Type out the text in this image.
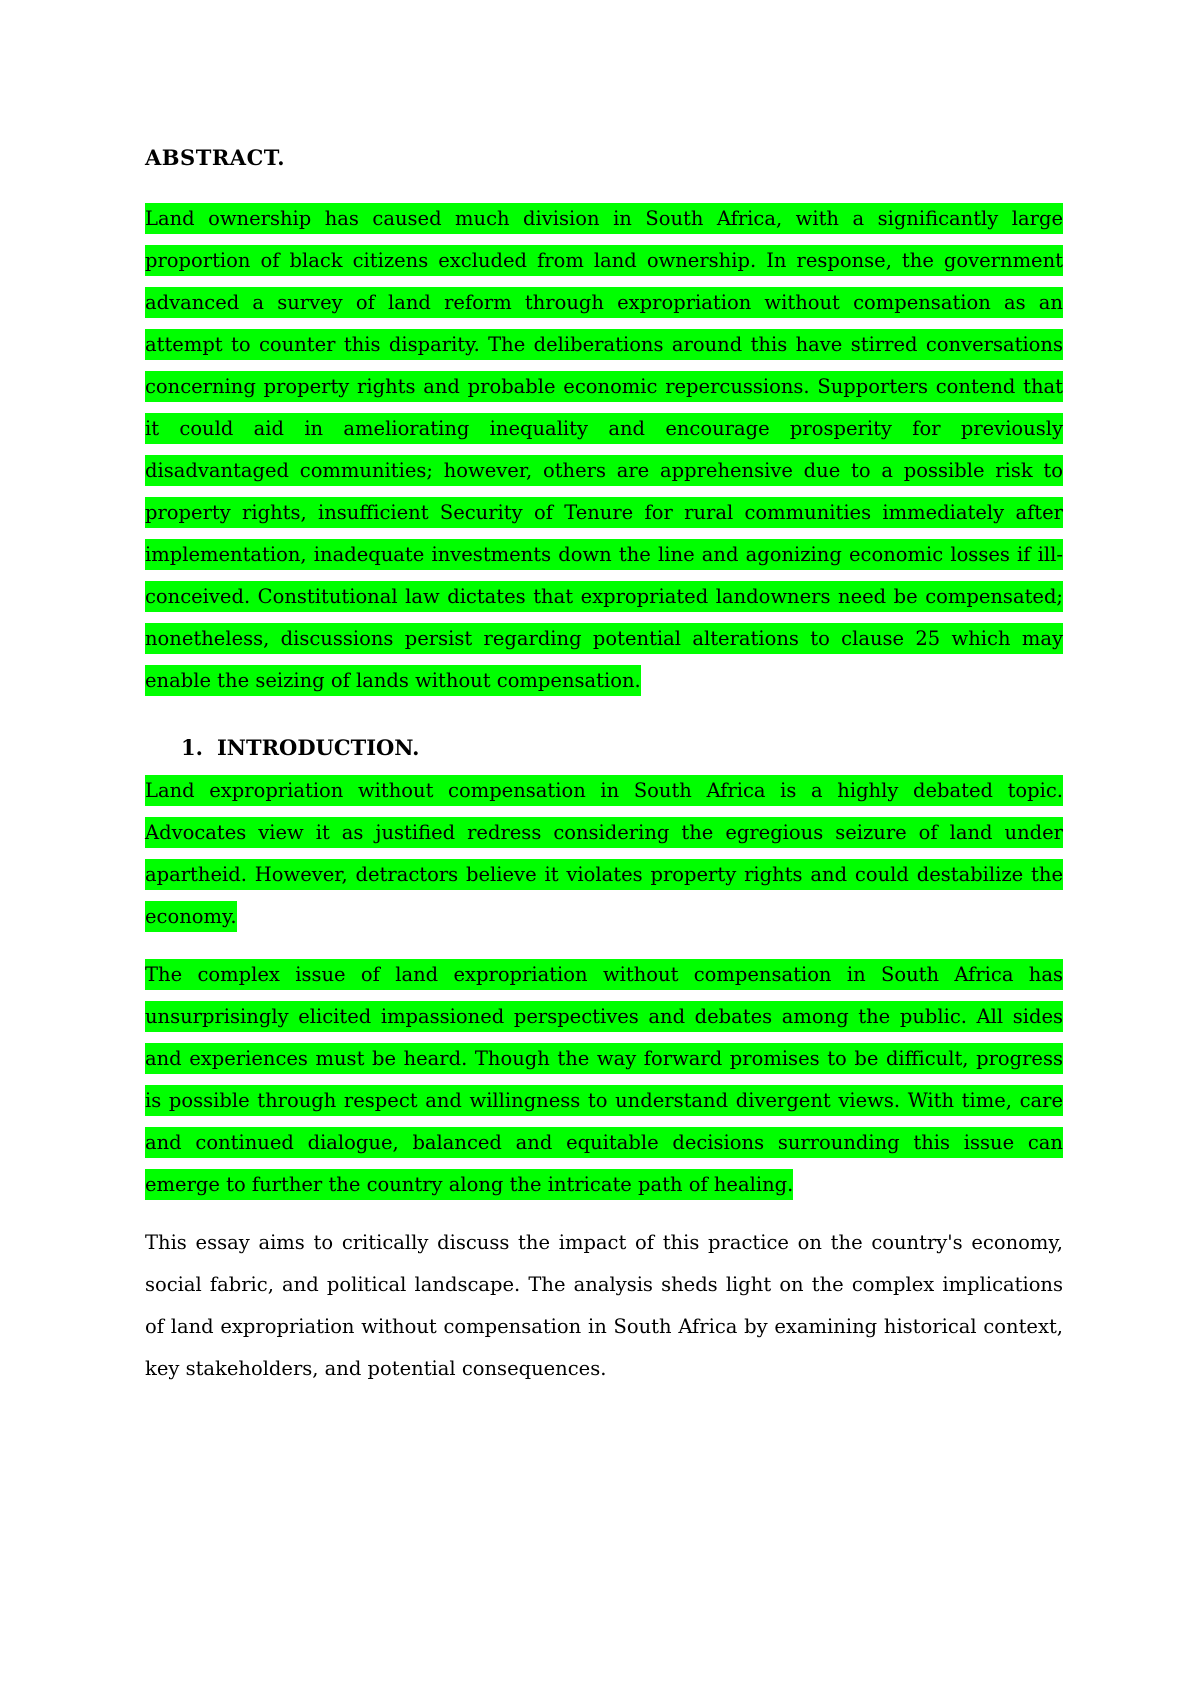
ABSTRACT.

Land ownership has caused much division in South Africa, with a significantly large proportion of black citizens excluded from land ownership. In response, the government advanced a survey of land reform through expropriation without compensation as an attempt to counter this disparity. The deliberations around this have stirred conversations concerning property rights and probable economic repercussions. Supporters contend that it could aid in ameliorating inequality and encourage prosperity for previously disadvantaged communities; however, others are apprehensive due to a possible risk to property rights, insufficient Security of Tenure for rural communities immediately after implementation, inadequate investments down the line and agonizing economic losses if ill-conceived. Constitutional law dictates that expropriated landowners need be compensated; nonetheless, discussions persist regarding potential alterations to clause 25 which may enable the seizing of lands without compensation.

1. INTRODUCTION.

Land expropriation without compensation in South Africa is a highly debated topic. Advocates view it as justified redress considering the egregious seizure of land under apartheid. However, detractors believe it violates property rights and could destabilize the economy.

The complex issue of land expropriation without compensation in South Africa has unsurprisingly elicited impassioned perspectives and debates among the public. All sides and experiences must be heard. Though the way forward promises to be difficult, progress is possible through respect and willingness to understand divergent views. With time, care and continued dialogue, balanced and equitable decisions surrounding this issue can emerge to further the country along the intricate path of healing.

This essay aims to critically discuss the impact of this practice on the country's economy, social fabric, and political landscape. The analysis sheds light on the complex implications of land expropriation without compensation in South Africa by examining historical context, key stakeholders, and potential consequences.
